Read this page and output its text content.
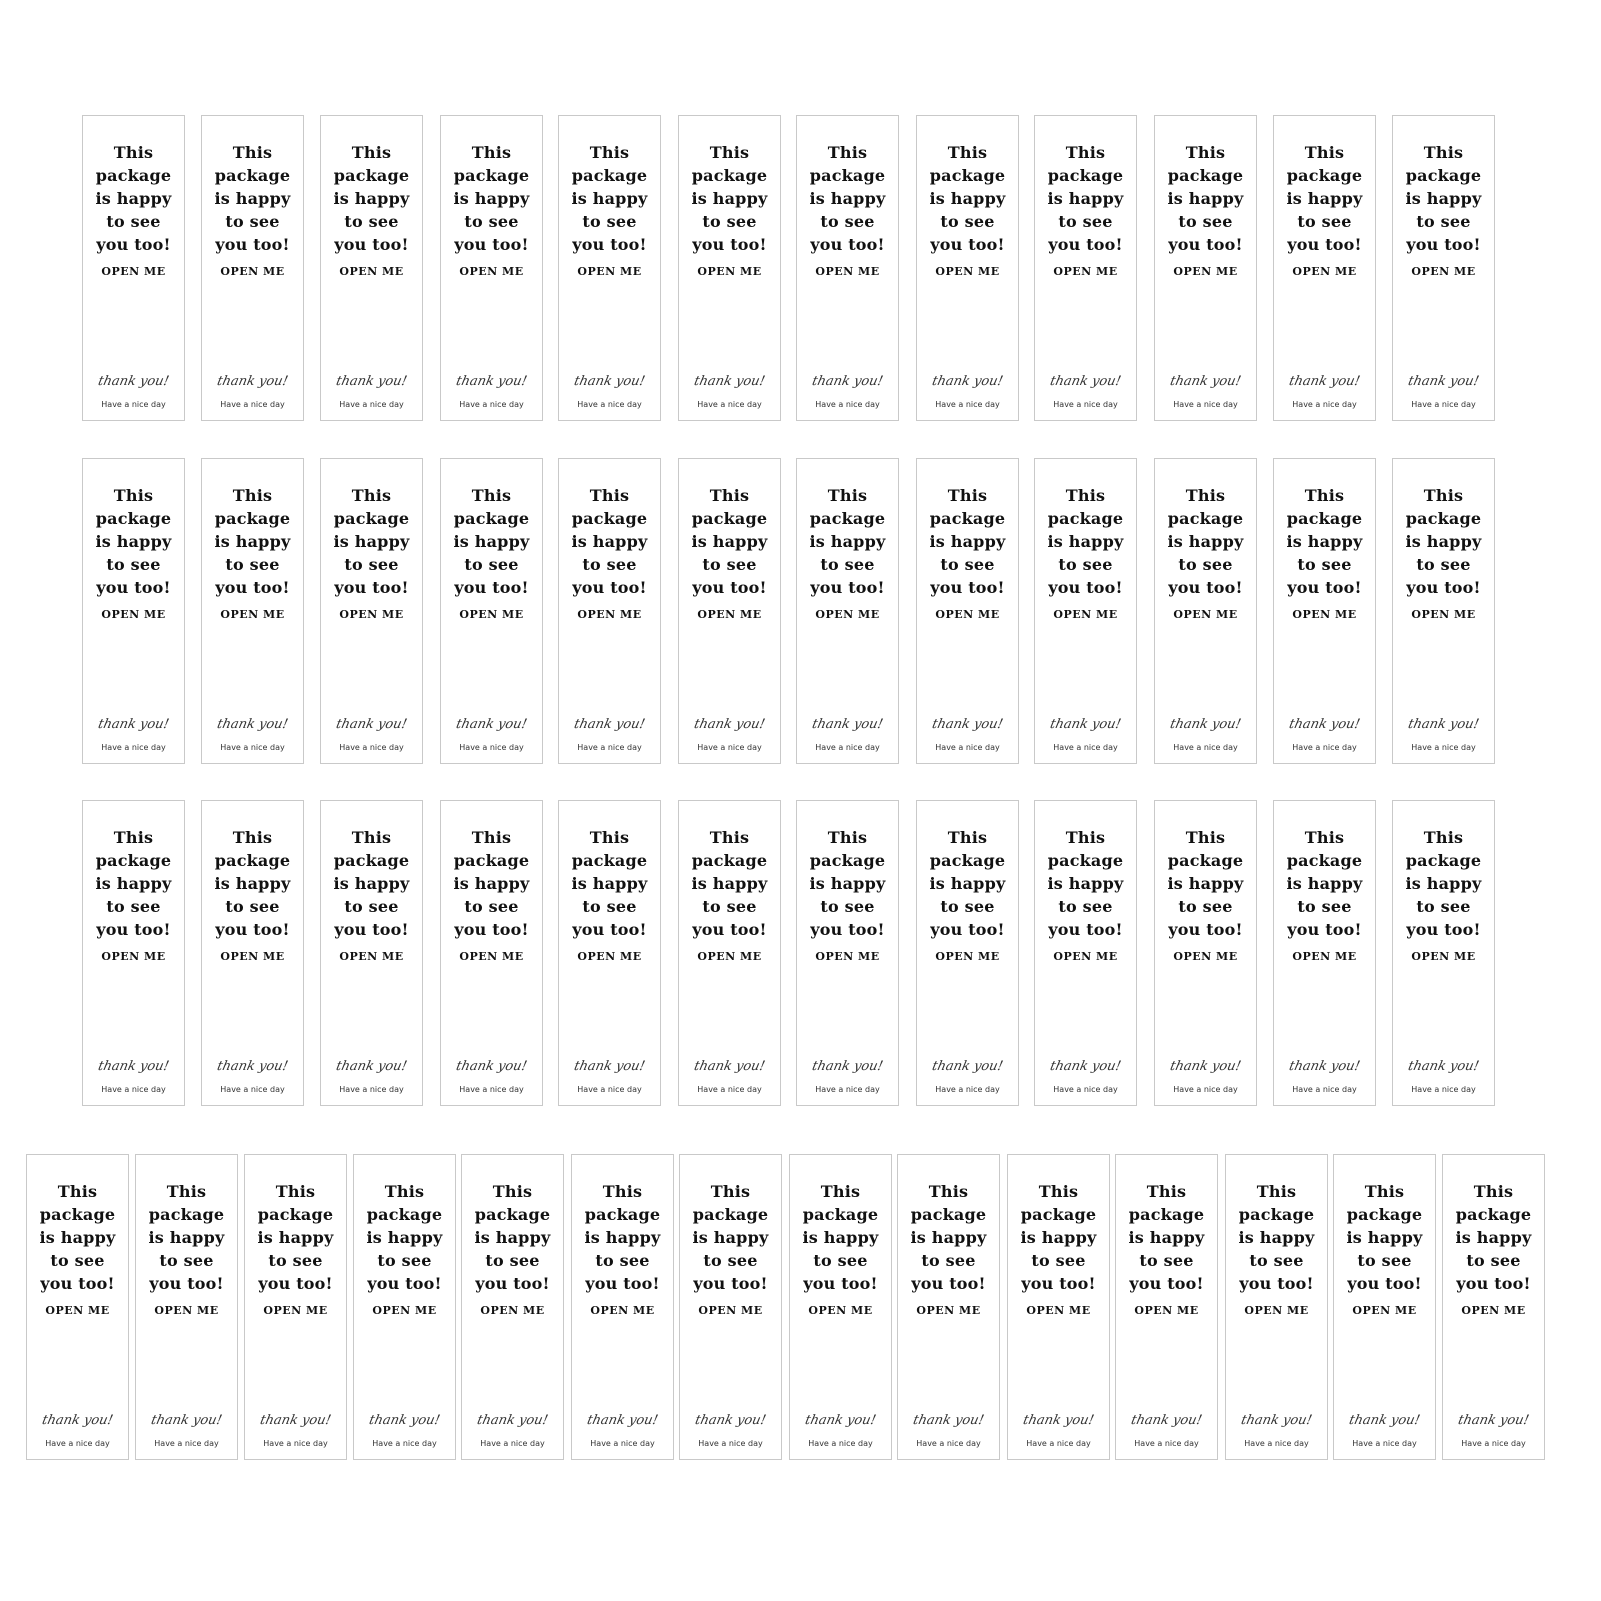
This
package
is happy
to see
you too!
OPEN ME
thank you!
Have a nice day
This
package
is happy
to see
you too!
OPEN ME
thank you!
Have a nice day
This
package
is happy
to see
you too!
OPEN ME
thank you!
Have a nice day
This
package
is happy
to see
you too!
OPEN ME
thank you!
Have a nice day
This
package
is happy
to see
you too!
OPEN ME
thank you!
Have a nice day
This
package
is happy
to see
you too!
OPEN ME
thank you!
Have a nice day
This
package
is happy
to see
you too!
OPEN ME
thank you!
Have a nice day
This
package
is happy
to see
you too!
OPEN ME
thank you!
Have a nice day
This
package
is happy
to see
you too!
OPEN ME
thank you!
Have a nice day
This
package
is happy
to see
you too!
OPEN ME
thank you!
Have a nice day
This
package
is happy
to see
you too!
OPEN ME
thank you!
Have a nice day
This
package
is happy
to see
you too!
OPEN ME
thank you!
Have a nice day
This
package
is happy
to see
you too!
OPEN ME
thank you!
Have a nice day
This
package
is happy
to see
you too!
OPEN ME
thank you!
Have a nice day
This
package
is happy
to see
you too!
OPEN ME
thank you!
Have a nice day
This
package
is happy
to see
you too!
OPEN ME
thank you!
Have a nice day
This
package
is happy
to see
you too!
OPEN ME
thank you!
Have a nice day
This
package
is happy
to see
you too!
OPEN ME
thank you!
Have a nice day
This
package
is happy
to see
you too!
OPEN ME
thank you!
Have a nice day
This
package
is happy
to see
you too!
OPEN ME
thank you!
Have a nice day
This
package
is happy
to see
you too!
OPEN ME
thank you!
Have a nice day
This
package
is happy
to see
you too!
OPEN ME
thank you!
Have a nice day
This
package
is happy
to see
you too!
OPEN ME
thank you!
Have a nice day
This
package
is happy
to see
you too!
OPEN ME
thank you!
Have a nice day
This
package
is happy
to see
you too!
OPEN ME
thank you!
Have a nice day
This
package
is happy
to see
you too!
OPEN ME
thank you!
Have a nice day
This
package
is happy
to see
you too!
OPEN ME
thank you!
Have a nice day
This
package
is happy
to see
you too!
OPEN ME
thank you!
Have a nice day
This
package
is happy
to see
you too!
OPEN ME
thank you!
Have a nice day
This
package
is happy
to see
you too!
OPEN ME
thank you!
Have a nice day
This
package
is happy
to see
you too!
OPEN ME
thank you!
Have a nice day
This
package
is happy
to see
you too!
OPEN ME
thank you!
Have a nice day
This
package
is happy
to see
you too!
OPEN ME
thank you!
Have a nice day
This
package
is happy
to see
you too!
OPEN ME
thank you!
Have a nice day
This
package
is happy
to see
you too!
OPEN ME
thank you!
Have a nice day
This
package
is happy
to see
you too!
OPEN ME
thank you!
Have a nice day
This
package
is happy
to see
you too!
OPEN ME
thank you!
Have a nice day
This
package
is happy
to see
you too!
OPEN ME
thank you!
Have a nice day
This
package
is happy
to see
you too!
OPEN ME
thank you!
Have a nice day
This
package
is happy
to see
you too!
OPEN ME
thank you!
Have a nice day
This
package
is happy
to see
you too!
OPEN ME
thank you!
Have a nice day
This
package
is happy
to see
you too!
OPEN ME
thank you!
Have a nice day
This
package
is happy
to see
you too!
OPEN ME
thank you!
Have a nice day
This
package
is happy
to see
you too!
OPEN ME
thank you!
Have a nice day
This
package
is happy
to see
you too!
OPEN ME
thank you!
Have a nice day
This
package
is happy
to see
you too!
OPEN ME
thank you!
Have a nice day
This
package
is happy
to see
you too!
OPEN ME
thank you!
Have a nice day
This
package
is happy
to see
you too!
OPEN ME
thank you!
Have a nice day
This
package
is happy
to see
you too!
OPEN ME
thank you!
Have a nice day
This
package
is happy
to see
you too!
OPEN ME
thank you!
Have a nice day
